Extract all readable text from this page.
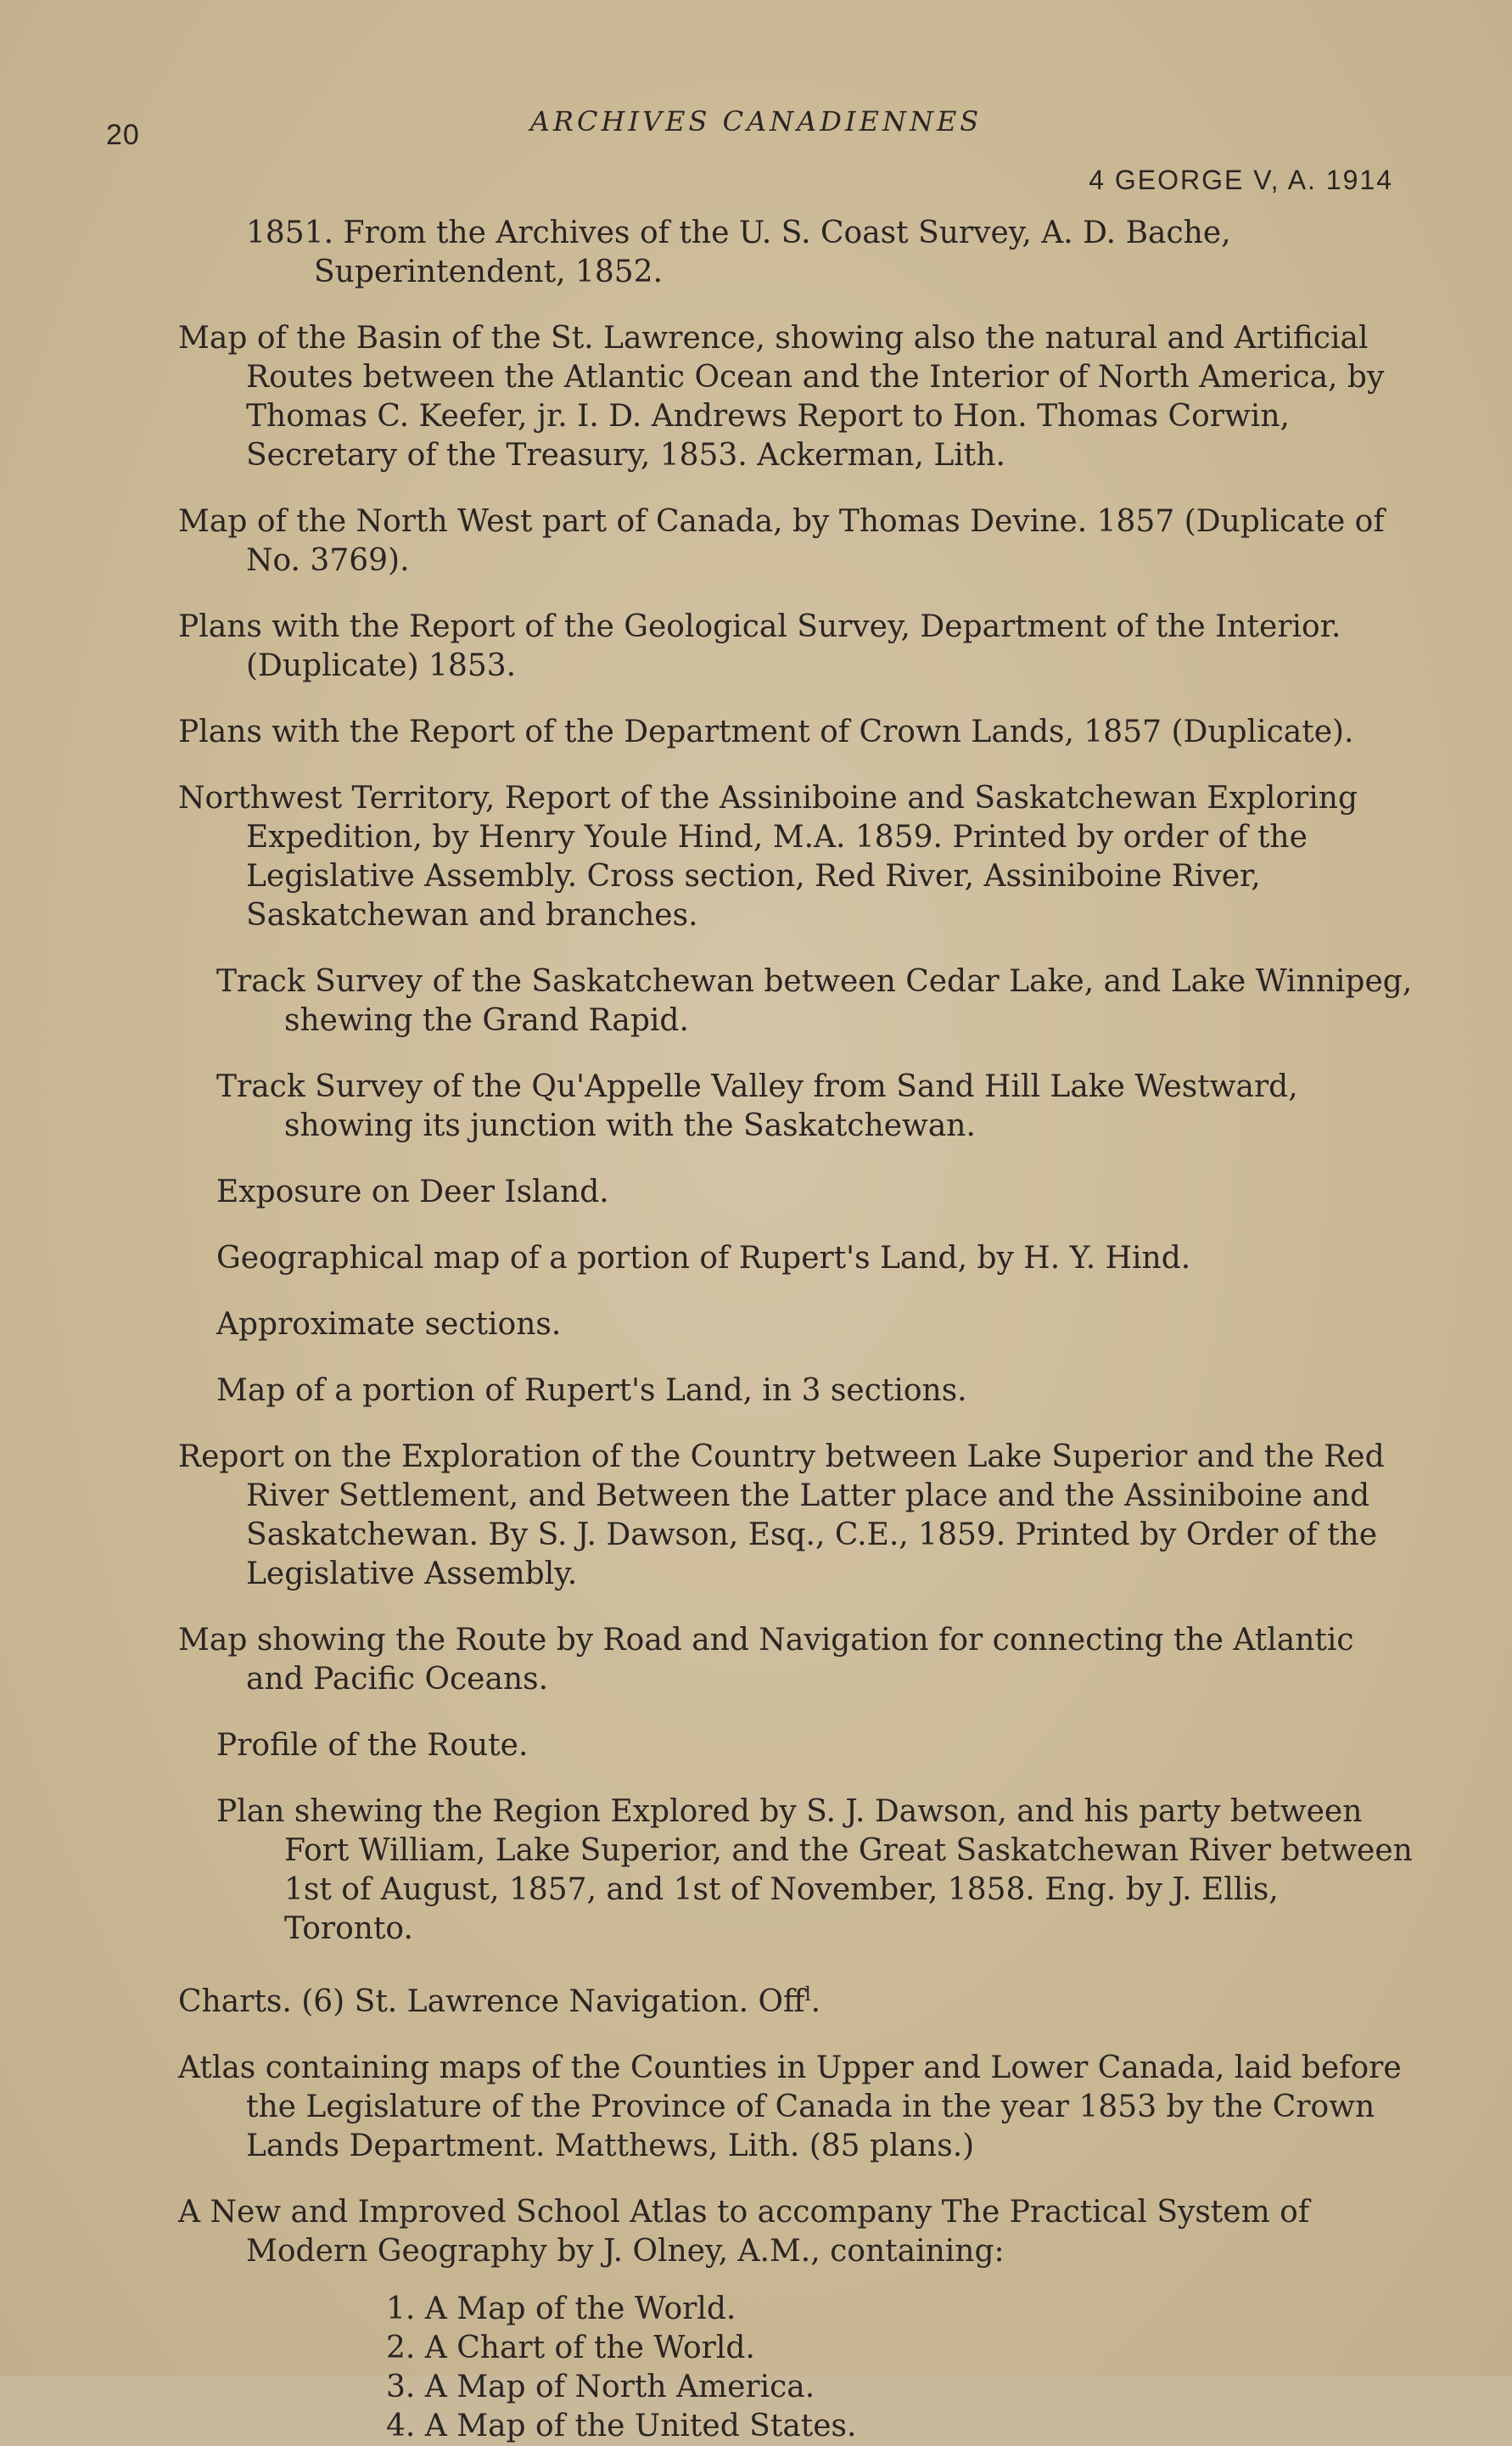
20	ARCHIVES CANADIENNES
4 GEORGE V, A. 1914
1851. From the Archives of the U. S. Coast Survey, A. D. Bache, Superintendent, 1852.
Map of the Basin of the St. Lawrence, showing also the natural and Artificial Routes between the Atlantic Ocean and the Interior of North America, by Thomas C. Keefer, jr. I. D. Andrews Report to Hon. Thomas Corwin, Secretary of the Treasury, 1853. Ackerman, Lith.
Map of the North West part of Canada, by Thomas Devine. 1857 (Duplicate of No. 3769).
Plans with the Report of the Geological Survey, Department of the Interior. (Duplicate) 1853.
Plans with the Report of the Department of Crown Lands, 1857 (Duplicate).
Northwest Territory, Report of the Assiniboine and Saskatchewan Exploring Expedition, by Henry Youle Hind, M.A. 1859. Printed by order of the Legislative Assembly. Cross section, Red River, Assiniboine River, Saskatchewan and branches.
Track Survey of the Saskatchewan between Cedar Lake, and Lake Winnipeg, shewing the Grand Rapid.
Track Survey of the Qu'Appelle Valley from Sand Hill Lake Westward, showing its junction with the Saskatchewan.
Exposure on Deer Island.
Geographical map of a portion of Rupert's Land, by H. Y. Hind.
Approximate sections.
Map of a portion of Rupert's Land, in 3 sections.
Report on the Exploration of the Country between Lake Superior and the Red River Settlement, and Between the Latter place and the Assiniboine and Saskatchewan. By S. J. Dawson, Esq., C.E., 1859. Printed by Order of the Legislative Assembly.
Map showing the Route by Road and Navigation for connecting the Atlantic and Pacific Oceans.
Profile of the Route.
Plan shewing the Region Explored by S. J. Dawson, and his party between Fort William, Lake Superior, and the Great Saskatchewan River between 1st of August, 1857, and 1st of November, 1858. Eng. by J. Ellis, Toronto.
Charts. (6) St. Lawrence Navigation. Off$^l$.
Atlas containing maps of the Counties in Upper and Lower Canada, laid before the Legislature of the Province of Canada in the year 1853 by the Crown Lands Department. Matthews, Lith. (85 plans.)
A New and Improved School Atlas to accompany The Practical System of Modern Geography by J. Olney, A.M., containing:
1. A Map of the World.
2. A Chart of the World.
3. A Map of North America.
4. A Map of the United States.
